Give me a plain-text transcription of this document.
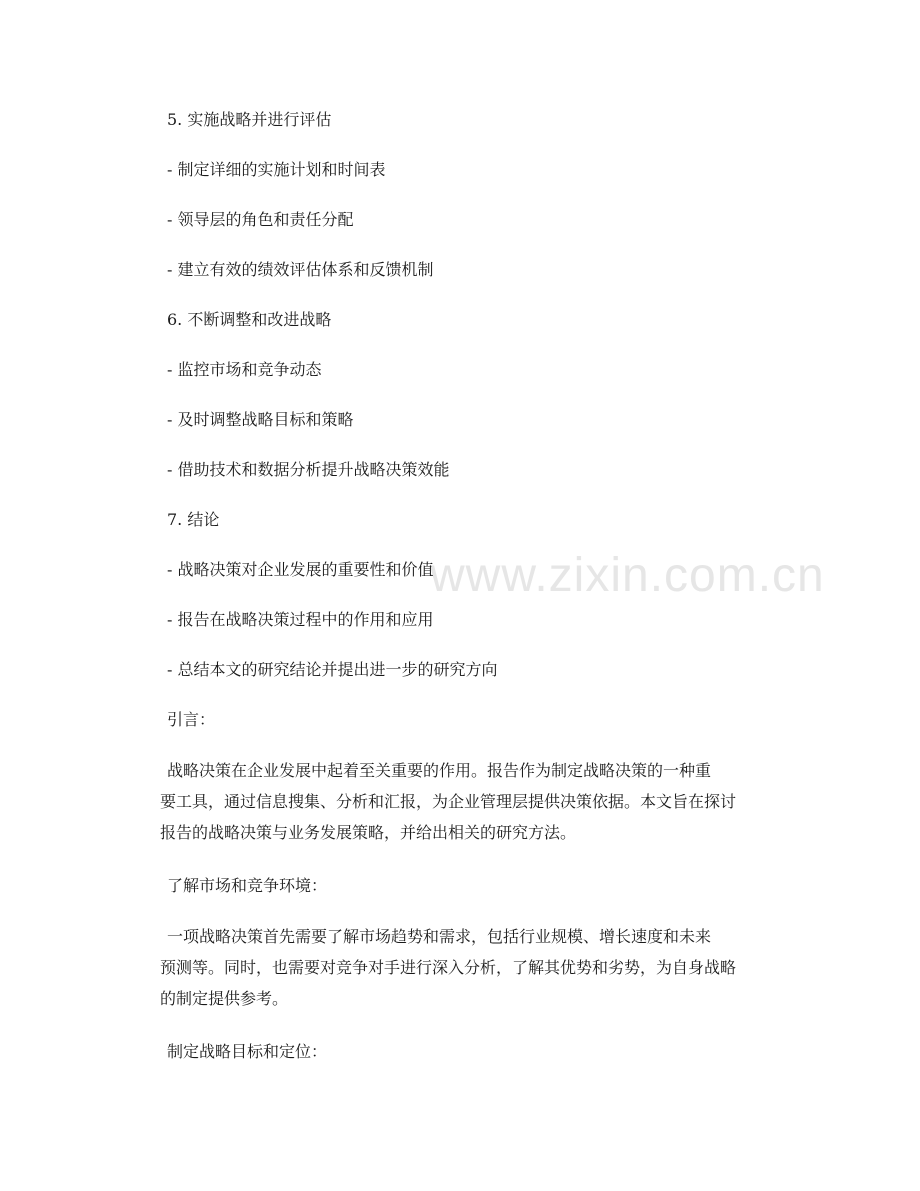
www.zixin.com.cn

5. 实施战略并进行评估

- 制定详细的实施计划和时间表

- 领导层的角色和责任分配

- 建立有效的绩效评估体系和反馈机制

6. 不断调整和改进战略

- 监控市场和竞争动态

- 及时调整战略目标和策略

- 借助技术和数据分析提升战略决策效能

7. 结论

- 战略决策对企业发展的重要性和价值

- 报告在战略决策过程中的作用和应用

- 总结本文的研究结论并提出进一步的研究方向

引言：

战略决策在企业发展中起着至关重要的作用。报告作为制定战略决策的一种重
要工具，通过信息搜集、分析和汇报，为企业管理层提供决策依据。本文旨在探讨
报告的战略决策与业务发展策略，并给出相关的研究方法。

了解市场和竞争环境：

一项战略决策首先需要了解市场趋势和需求，包括行业规模、增长速度和未来
预测等。同时，也需要对竞争对手进行深入分析，了解其优势和劣势，为自身战略
的制定提供参考。

制定战略目标和定位：
